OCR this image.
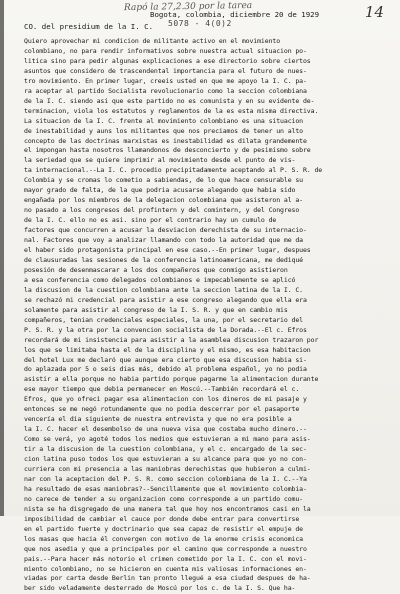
Rapó la 27,2.30 por la tarea	14
Bogota, colombia, diciembre 20 de 1929
5078 - 4(0)2
CO. del presidium de la I. C.
Quiero aprovechar mi condicion de militante activo en el movimiento
colombiano, no para rendir informativos sobre nuestra actual situacion po-
litica sino para pedir algunas explicaciones a ese directorio sobre ciertos
asuntos que considero de trascendental importancia para el futuro de nues-
tro movimiento. En primer lugar, creeis usted en que me apoyo la I. C. pa-
ra aceptar al partido Socialista revolucionario como la seccion colombiana
de la I. C. siendo asi que este partido no es comunista y en su evidente de-
terminacion, viola los estatutos y reglamentos de la es esta misma directiva.
La situacion de la I. C. frente al movimiento colombiano es una situacion
de inestabilidad y auns los militantes que nos preciamos de tener un alto
concepto de las doctrinas marxistas es inestabilidad es dilata grandemente
el impongan hasta nosotros llamandonos de desconcierto y de pesimismo sobre
la seriedad que se quiere imprimir al movimiento desde el punto de vis-
ta internacional.--La I. C. procedio precipitadamente aceptando al P. S. R. de
Colombia y se cromas lo cometio a sabiendas, de lo que hace censurable su
mayor grado de falta, de la que podria acusarse alegando que habia sido
engañada por los miembros de la delegacion colombiana que asisteron al a-
no pasado a los congresos del profintern y del comintern, y del Congreso
de la I. C. ello no es asi. sino por el contrario hay un cumulo de
factores que concurren a acusar la desviacion derechista de su internacio-
nal. Factores que voy a analizar llamando con todo la autoridad que me da
el haber sido protagonista principal en ese caso.--En primer lugar, despues
de clausuradas las sesiones de la conferencia latinoamericana, me dediqué
posesión de desenmascarar a los dos compañeros que conmigo asistieron
a esa conferencia como delegados colombianos e impecablemente se aplicó
la discusion de la cuestion colombiana ante la seccion latina de la I. C.
se rechazó mi credencial para asistir a ese congreso alegando que ella era
solamente para asistir al congreso de la I. S. R. y que en cambio mis
compañeros, tenian credenciales especiales, la una, por el secretario del
P. S. R. y la otra por la convencion socialista de la Dorada.--El c. Efros
recordará de mi insistencia para asistir a la asamblea discusion trazaron por
los que se limitaba hasta el de la disciplina y el mismo, es esa habitacion
del hotel Lux me declaró que aunque era cierto que esa discusion habia si-
do aplazada por 5 o seis dias más, debido al problema español, yo no podia
asistir a ella porque no habia partido porque pagarme la alimentacion durante
ese mayor tiempo que debia permanecer en Moscú.--También recordará el c.
Efros, que yo ofreci pagar esa alimentacion con los dineros de mi pasaje y
entonces se me negó rotundamente que no podia descerrar por el pasaporte
vencería el dia siguiente de nuestra entrevista y que no era posible a
la I. C. hacer el desembolso de una nueva visa que costaba mucho dinero.--
Como se verá, yo agoté todos los medios que estuvieran a mi mano para asis-
tir a la discusion de la cuestion colombiana, y el c. encargado de la sec-
cion latina puso todos los que estuvieran a su alcance para que yo no con-
curriera con mi presencia a las maniobras derechistas que hubieron a culmi-
nar con la aceptacion del P. S. R. como seccion colombiana de la I. C.--Ya
ha resultado de esas maniobras?--Sencillamente que el movimiento colombia-
no carece de tender a su organizacion como corresponde a un partido comu-
nista se ha disgregado de una manera tal que hoy nos encontramos casi en la
imposibilidad de cambiar el cauce por donde debe entrar para convertirse
en el partido fuerte y doctrinario que sea capaz de resistir el empuje de
los masas que hacia él convergen con motivo de la enorme crisis economica
que nos asedia y que a principales por el camino que corresponde a nuestro
pais.--Para hacer más notorio el crimen cometido por la I. C. con el movi-
miento colombiano, no se hicieron en cuenta mis valiosas informaciones en-
viadas por carta desde Berlin tan pronto llegué a esa ciudad despues de ha-
ber sido veladamente desterrado de Moscú por los c. de la I. S. Que ha-
